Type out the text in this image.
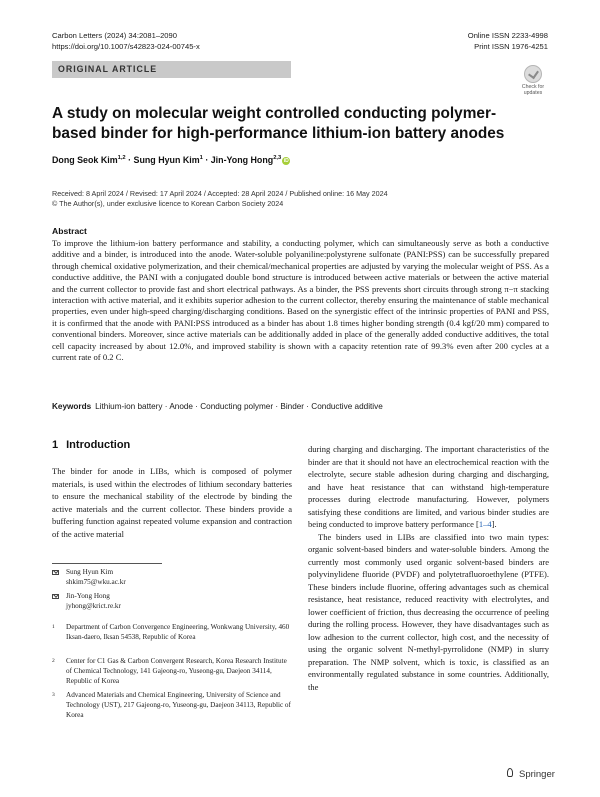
Carbon Letters (2024) 34:2081–2090
https://doi.org/10.1007/s42823-024-00745-x
Online ISSN 2233-4998
Print ISSN 1976-4251
ORIGINAL ARTICLE
Check for
updates
A study on molecular weight controlled conducting polymer-based binder for high-performance lithium-ion battery anodes
Dong Seok Kim$^{1,2}$ · Sung Hyun Kim$^1$ · Jin-Yong Hong$^{2,3}$ iD
Received: 8 April 2024 / Revised: 17 April 2024 / Accepted: 28 April 2024 / Published online: 16 May 2024
© The Author(s), under exclusive licence to Korean Carbon Society 2024
Abstract
To improve the lithium-ion battery performance and stability, a conducting polymer, which can simultaneously serve as both a conductive additive and a binder, is introduced into the anode. Water-soluble polyaniline:polystyrene sulfonate (PANI:PSS) can be successfully prepared through chemical oxidative polymerization, and their chemical/mechanical properties are adjusted by varying the molecular weight of PSS. As a conductive additive, the PANI with a conjugated double bond structure is introduced between active materials or between the active material and the current collector to provide fast and short electrical pathways. As a binder, the PSS prevents short circuits through strong π−π stacking interaction with active material, and it exhibits superior adhesion to the current collector, thereby ensuring the maintenance of stable mechanical properties, even under high-speed charging/discharging conditions. Based on the synergistic effect of the intrinsic properties of PANI and PSS, it is confirmed that the anode with PANI:PSS introduced as a binder has about 1.8 times higher bonding strength (0.4 kgf/20 mm) compared to conventional binders. Moreover, since active materials can be additionally added in place of the generally added conductive additives, the total cell capacity increased by about 12.0%, and improved stability is shown with a capacity retention rate of 99.3% even after 200 cycles at a current rate of 0.2 C.
Keywords Lithium-ion battery · Anode · Conducting polymer · Binder · Conductive additive
1 Introduction
The binder for anode in LIBs, which is composed of polymer materials, is used within the electrodes of lithium secondary batteries to ensure the mechanical stability of the electrode by binding the active materials and the current collector. These binders provide a buffering function against repeated volume expansion and contraction of the active material

during charging and discharging. The important characteristics of the binder are that it should not have an electrochemical reaction with the electrolyte, secure stable adhesion during charging and discharging, and have heat resistance that can withstand high-temperature processes during electrode manufacturing. However, polymers satisfying these conditions are limited, and various binder studies are being conducted to improve battery performance [1–4].

The binders used in LIBs are classified into two main types: organic solvent-based binders and water-soluble binders. Among the currently most commonly used organic solvent-based binders are polyvinylidene fluoride (PVDF) and polytetrafluoroethylene (PTFE). These binders include fluorine, offering advantages such as chemical resistance, heat resistance, reduced reactivity with electrolytes, and lower coefficient of friction, thus decreasing the occurrence of peeling during the rolling process. However, they have disadvantages such as low adhesion to the current collector, high cost, and the necessity of using the organic solvent N-methyl-pyrrolidone (NMP) in slurry preparation. The NMP solvent, which is toxic, is classified as an environmentally regulated substance in some countries. Additionally, the

Sung Hyun Kim
shkim75@wku.ac.kr
Jin-Yong Hong
jyhong@krict.re.kr
1	Department of Carbon Convergence Engineering, Wonkwang University, 460 Iksan-daero, Iksan 54538, Republic of Korea
2	Center for C1 Gas & Carbon Convergent Research, Korea Research Institute of Chemical Technology, 141 Gajeong-ro, Yuseong-gu, Daejeon 34114, Republic of Korea
3	Advanced Materials and Chemical Engineering, University of Science and Technology (UST), 217 Gajeong-ro, Yuseong-gu, Daejeon 34113, Republic of Korea
Springer
